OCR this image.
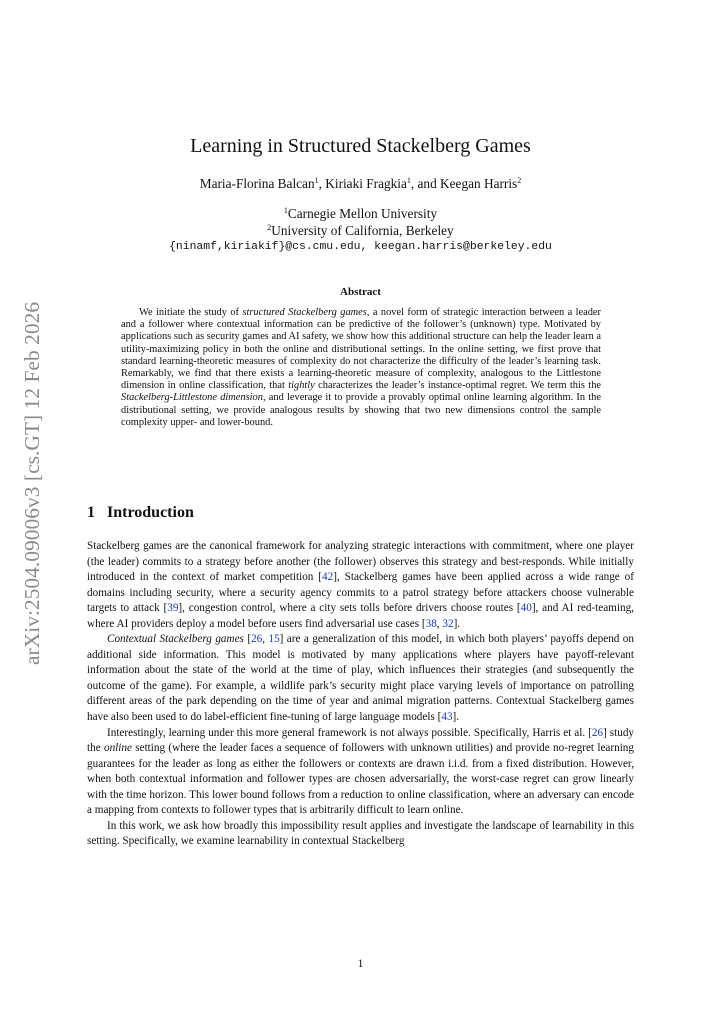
arXiv:2504.09006v3 [cs.GT] 12 Feb 2026
Learning in Structured Stackelberg Games
Maria-Florina Balcan$^1$, Kiriaki Fragkia$^1$, and Keegan Harris$^2$
$^1$Carnegie Mellon University
$^2$University of California, Berkeley
{ninamf,kiriakif}@cs.cmu.edu, keegan.harris@berkeley.edu
Abstract

We initiate the study of structured Stackelberg games, a novel form of strategic interaction between a leader and a follower where contextual information can be predictive of the follower’s (unknown) type. Motivated by applications such as security games and AI safety, we show how this additional structure can help the leader learn a utility-maximizing policy in both the online and distributional settings. In the online setting, we first prove that standard learning-theoretic measures of complexity do not characterize the difficulty of the leader’s learning task. Remarkably, we find that there exists a learning-theoretic measure of complexity, analogous to the Littlestone dimension in online classification, that tightly characterizes the leader’s instance-optimal regret. We term this the Stackelberg-Littlestone dimension, and leverage it to provide a provably optimal online learning algorithm. In the distributional setting, we provide analogous results by showing that two new dimensions control the sample complexity upper- and lower-bound.

1 Introduction

Stackelberg games are the canonical framework for analyzing strategic interactions with commitment, where one player (the leader) commits to a strategy before another (the follower) observes this strategy and best-responds. While initially introduced in the context of market competition [42], Stackelberg games have been applied across a wide range of domains including security, where a security agency commits to a patrol strategy before attackers choose vulnerable targets to attack [39], congestion control, where a city sets tolls before drivers choose routes [40], and AI red-teaming, where AI providers deploy a model before users find adversarial use cases [38, 32].

Contextual Stackelberg games [26, 15] are a generalization of this model, in which both players’ payoffs depend on additional side information. This model is motivated by many applications where players have payoff-relevant information about the state of the world at the time of play, which influences their strategies (and subsequently the outcome of the game). For example, a wildlife park’s security might place varying levels of importance on patrolling different areas of the park depending on the time of year and animal migration patterns. Contextual Stackelberg games have also been used to do label-efficient fine-tuning of large language models [43].

Interestingly, learning under this more general framework is not always possible. Specifically, Harris et al. [26] study the online setting (where the leader faces a sequence of followers with unknown utilities) and provide no-regret learning guarantees for the leader as long as either the followers or contexts are drawn i.i.d. from a fixed distribution. However, when both contextual information and follower types are chosen adversarially, the worst-case regret can grow linearly with the time horizon. This lower bound follows from a reduction to online classification, where an adversary can encode a mapping from contexts to follower types that is arbitrarily difficult to learn online.

In this work, we ask how broadly this impossibility result applies and investigate the landscape of learnability in this setting. Specifically, we examine learnability in contextual Stackelberg

1
